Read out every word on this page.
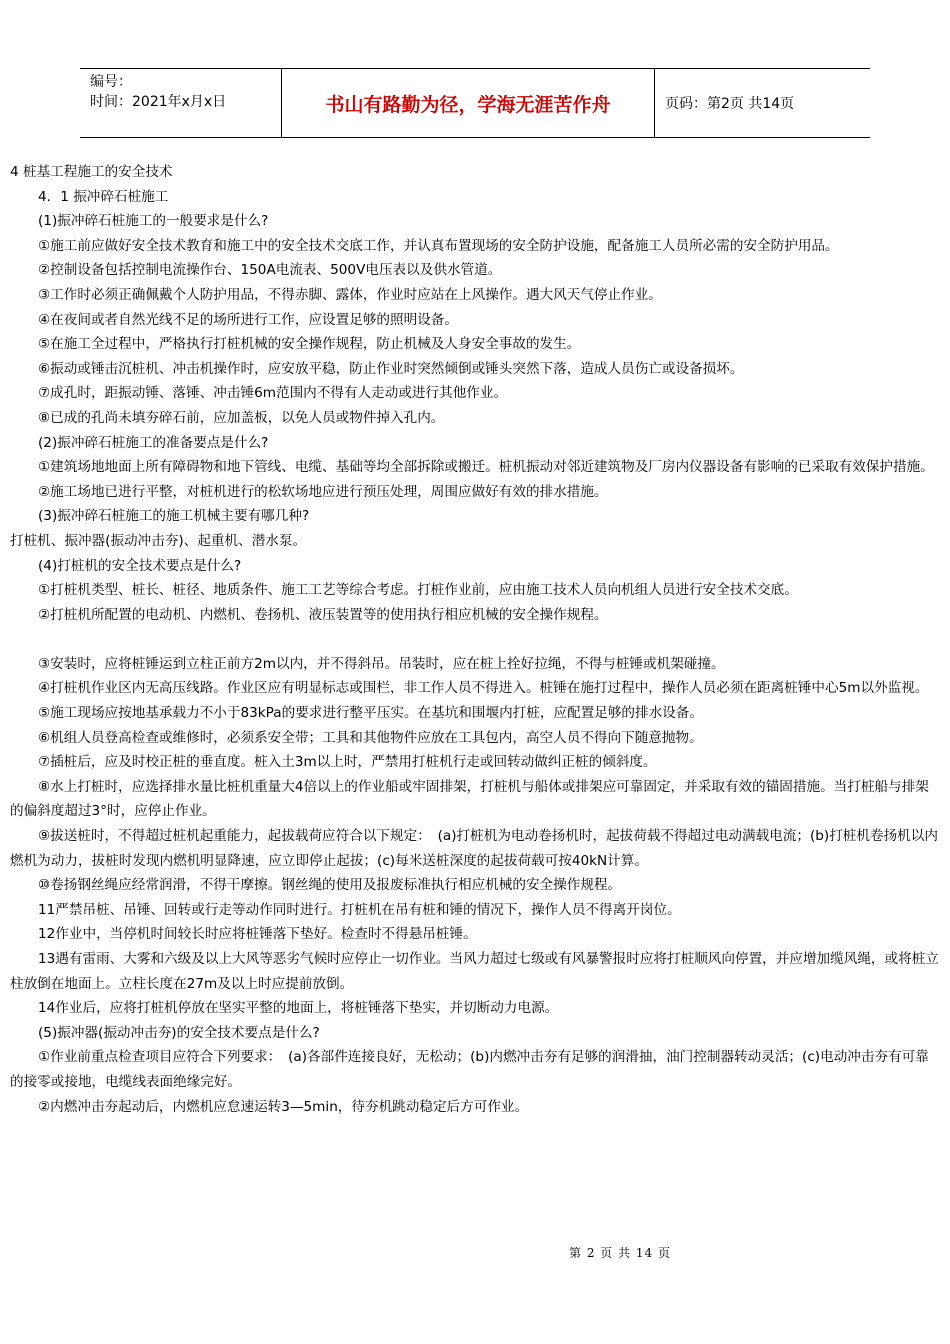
编号：
时间：2021年x月x日	书山有路勤为径，学海无涯苦作舟	页码：第2页 共14页
4 桩基工程施工的安全技术
4．1 振冲碎石桩施工
(1)振冲碎石桩施工的一般要求是什么?
①施工前应做好安全技术教育和施工中的安全技术交底工作，并认真布置现场的安全防护设施，配备施工人员所必需的安全防护用品。
②控制设备包括控制电流操作台、150A电流表、500V电压表以及供水管道。
③工作时必须正确佩戴个人防护用品，不得赤脚、露体，作业时应站在上风操作。遇大风天气停止作业。
④在夜间或者自然光线不足的场所进行工作，应设置足够的照明设备。
⑤在施工全过程中，严格执行打桩机械的安全操作规程，防止机械及人身安全事故的发生。
⑥振动或锤击沉桩机、冲击机操作时，应安放平稳，防止作业时突然倾倒或锤头突然下落，造成人员伤亡或设备损坏。
⑦成孔时，距振动锤、落锤、冲击锤6m范围内不得有人走动或进行其他作业。
⑧已成的孔尚未填夯碎石前，应加盖板，以免人员或物件掉入孔内。
(2)振冲碎石桩施工的准备要点是什么?
①建筑场地地面上所有障碍物和地下管线、电缆、基础等均全部拆除或搬迁。桩机振动对邻近建筑物及厂房内仪器设备有影响的已采取有效保护措施。
②施工场地已进行平整，对桩机进行的松软场地应进行预压处理，周围应做好有效的排水措施。
(3)振冲碎石桩施工的施工机械主要有哪几种?
打桩机、振冲器(振动冲击夯)、起重机、潜水泵。
(4)打桩机的安全技术要点是什么?
①打桩机类型、桩长、桩径、地质条件、施工工艺等综合考虑。打桩作业前，应由施工技术人员向机组人员进行安全技术交底。
②打桩机所配置的电动机、内燃机、卷扬机、液压装置等的使用执行相应机械的安全操作规程。
③安装时，应将桩锤运到立柱正前方2m以内，并不得斜吊。吊装时，应在桩上拴好拉绳，不得与桩锤或机架碰撞。
④打桩机作业区内无高压线路。作业区应有明显标志或围栏，非工作人员不得进入。桩锤在施打过程中，操作人员必须在距离桩锤中心5m以外监视。
⑤施工现场应按地基承载力不小于83kPa的要求进行整平压实。在基坑和围堰内打桩，应配置足够的排水设备。
⑥机组人员登高检查或维修时，必须系安全带；工具和其他物件应放在工具包内，高空人员不得向下随意抛物。
⑦插桩后，应及时校正桩的垂直度。桩入土3m以上时，严禁用打桩机行走或回转动做纠正桩的倾斜度。
⑧水上打桩时，应选择排水量比桩机重量大4倍以上的作业船或牢固排架，打桩机与船体或排架应可靠固定，并采取有效的锚固措施。当打桩船与排架的偏斜度超过3°时，应停止作业。
⑨拔送桩时，不得超过桩机起重能力，起拔载荷应符合以下规定：　(a)打桩机为电动卷扬机时，起拔荷载不得超过电动满载电流；(b)打桩机卷扬机以内燃机为动力，拔桩时发现内燃机明显降速，应立即停止起拔；(c)每米送桩深度的起拔荷载可按40kN计算。
⑩卷扬钢丝绳应经常润滑，不得干摩擦。钢丝绳的使用及报废标准执行相应机械的安全操作规程。
11严禁吊桩、吊锤、回转或行走等动作同时进行。打桩机在吊有桩和锤的情况下，操作人员不得离开岗位。
12作业中，当停机时间较长时应将桩锤落下垫好。检查时不得悬吊桩锤。
13遇有雷雨、大雾和六级及以上大风等恶劣气候时应停止一切作业。当风力超过七级或有风暴警报时应将打桩顺风向停置，并应增加缆风绳，或将桩立柱放倒在地面上。立柱长度在27m及以上时应提前放倒。
14作业后，应将打桩机停放在坚实平整的地面上，将桩锤落下垫实，并切断动力电源。
(5)振冲器(振动冲击夯)的安全技术要点是什么?
①作业前重点检查项目应符合下列要求：　(a)各部件连接良好，无松动；(b)内燃冲击夯有足够的润滑抽，油门控制器转动灵活；(c)电动冲击夯有可靠的接零或接地，电缆线表面绝缘完好。
②内燃冲击夯起动后，内燃机应怠速运转3—5min，待夯机跳动稳定后方可作业。
第 2 页 共 14 页
